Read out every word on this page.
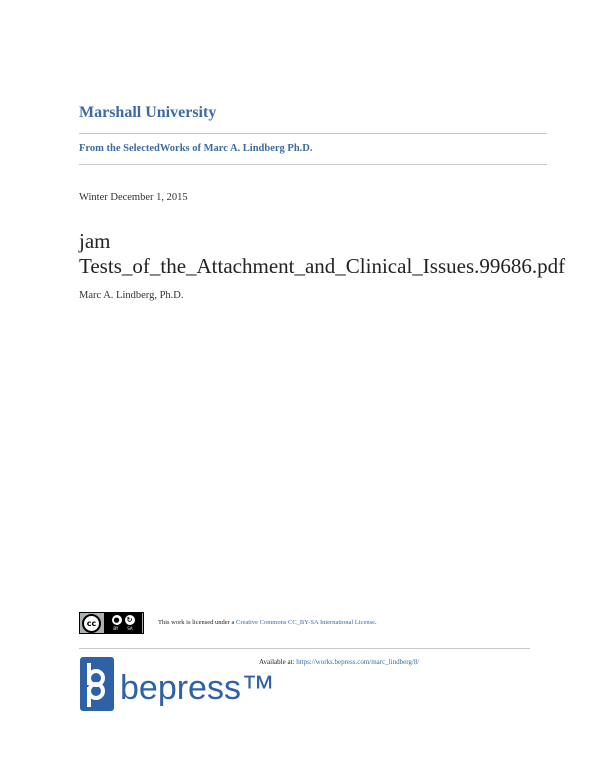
Marshall University
From the SelectedWorks of Marc A. Lindberg Ph.D.
Winter December 1, 2015
jam
Tests_of_the_Attachment_and_Clinical_Issues.99686.pdf
Marc A. Lindberg, Ph.D.
cc ● ↻
BY SA
This work is licensed under a Creative Commons CC_BY-SA International License.
Available at: https://works.bepress.com/marc_lindberg/8/
bepress™
